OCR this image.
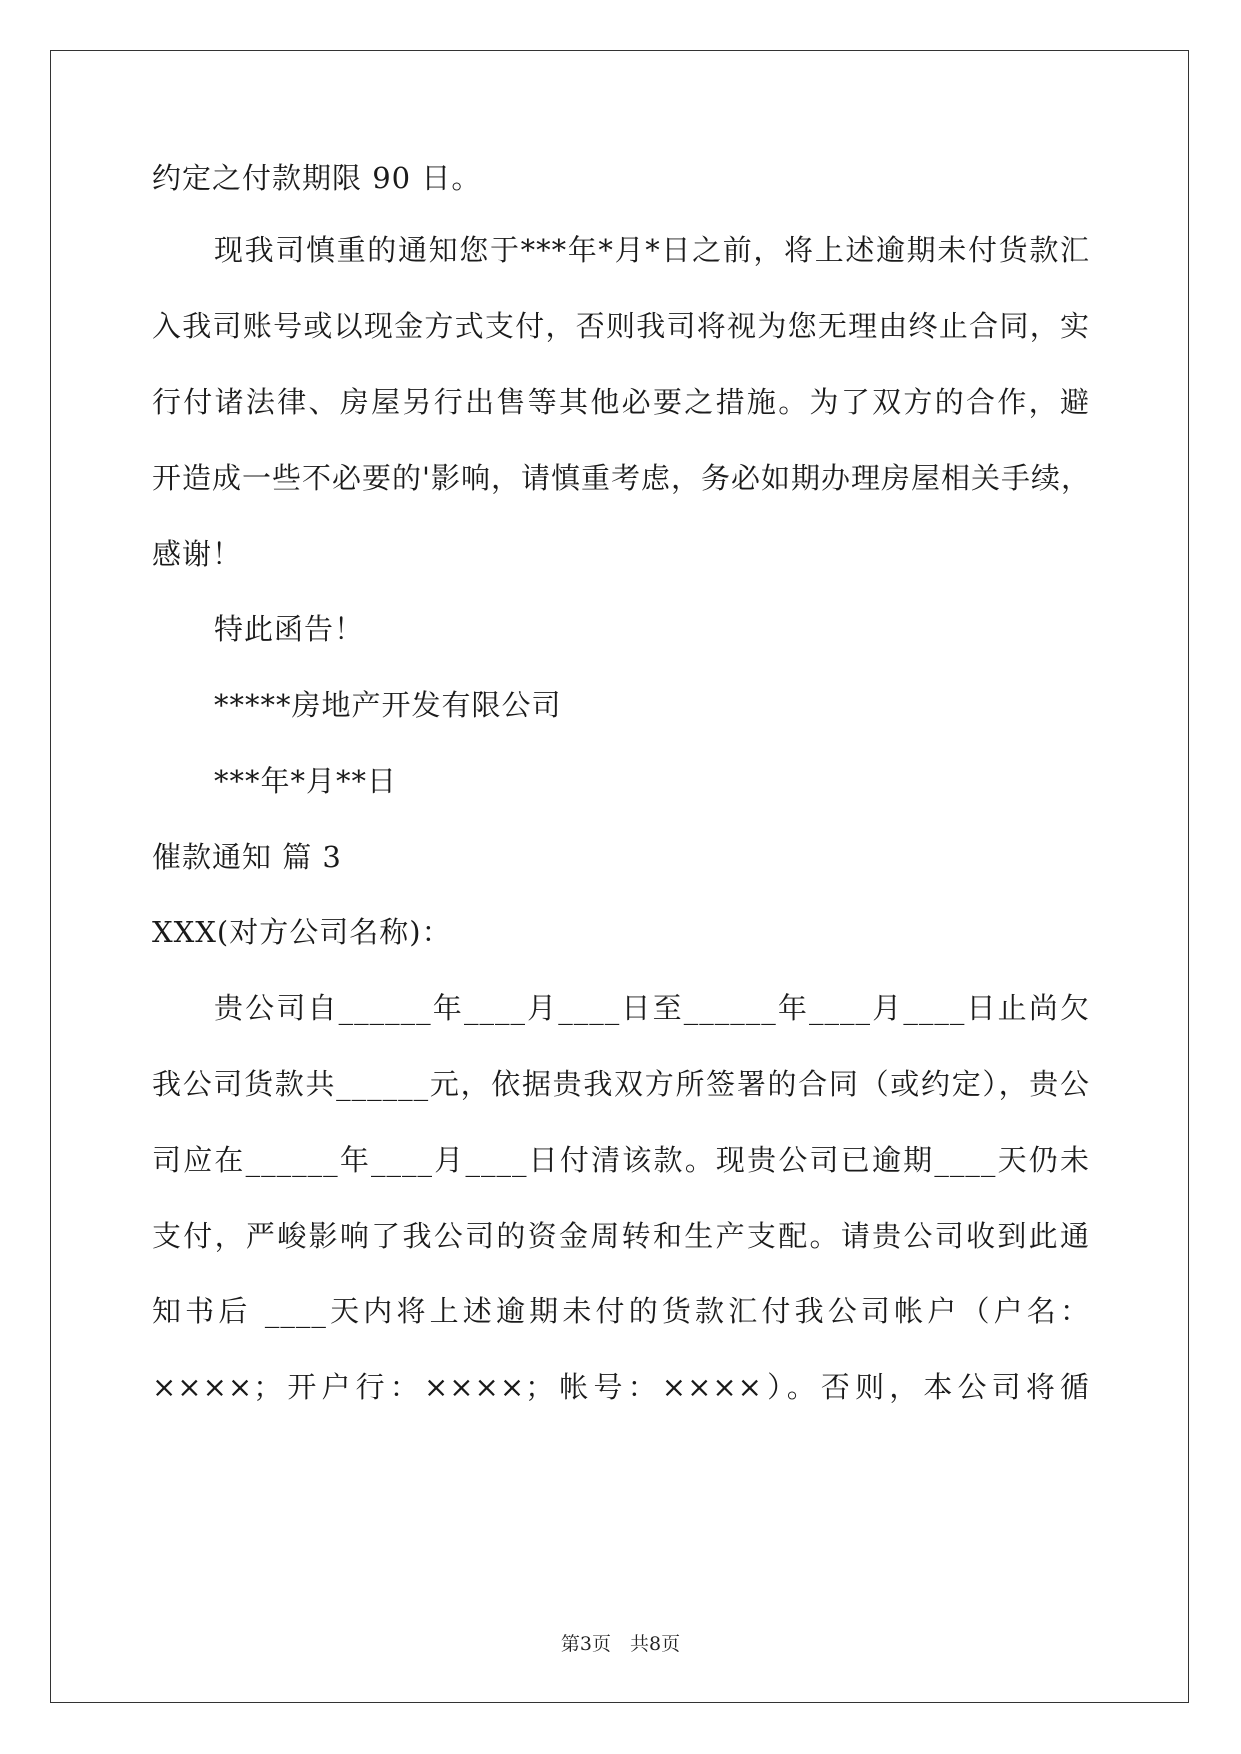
约定之付款期限 90 日。
现我司慎重的通知您于***年*月*日之前，将上述逾期未付货款汇
入我司账号或以现金方式支付，否则我司将视为您无理由终止合同，实
行付诸法律、房屋另行出售等其他必要之措施。为了双方的合作，避
开造成一些不必要的'影响，请慎重考虑，务必如期办理房屋相关手续，
感谢！
特此函告！
*****房地产开发有限公司
***年*月**日
催款通知 篇 3
XXX(对方公司名称)：
贵公司自______年____月____日至______年____月____日止尚欠
我公司货款共______元，依据贵我双方所签署的合同（或约定），贵公
司应在______年____月____日付清该款。现贵公司已逾期____天仍未
支付，严峻影响了我公司的资金周转和生产支配。请贵公司收到此通
知书后 ____天内将上述逾期未付的货款汇付我公司帐户（户名：
××××；开户行：××××；帐号：××××）。否则，本公司将循
第3页　共8页
